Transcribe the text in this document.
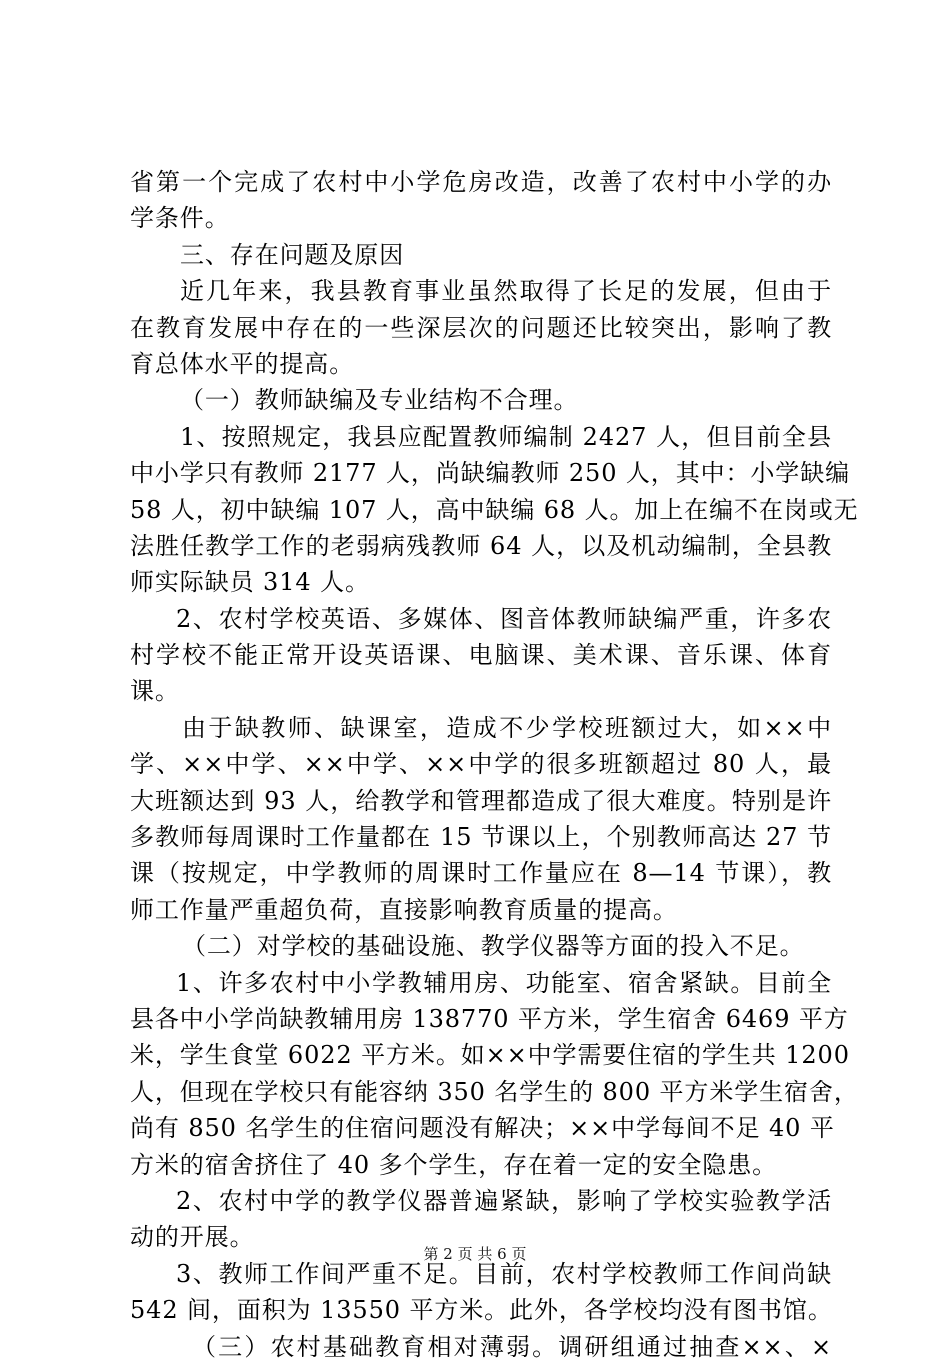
省第一个完成了农村中小学危房改造，改善了农村中小学的办
学条件。
三、存在问题及原因
近几年来，我县教育事业虽然取得了长足的发展，但由于
在教育发展中存在的一些深层次的问题还比较突出，影响了教
育总体水平的提高。
（一）教师缺编及专业结构不合理。
1、按照规定，我县应配置教师编制 2427 人，但目前全县
中小学只有教师 2177 人，尚缺编教师 250 人，其中：小学缺编
58 人，初中缺编 107 人，高中缺编 68 人。加上在编不在岗或无
法胜任教学工作的老弱病残教师 64 人，以及机动编制，全县教
师实际缺员 314 人。
2、农村学校英语、多媒体、图音体教师缺编严重，许多农
村学校不能正常开设英语课、电脑课、美术课、音乐课、体育
课。
由于缺教师、缺课室，造成不少学校班额过大，如××中
学、××中学、××中学、××中学的很多班额超过 80 人，最
大班额达到 93 人，给教学和管理都造成了很大难度。特别是许
多教师每周课时工作量都在 15 节课以上，个别教师高达 27 节
课（按规定，中学教师的周课时工作量应在 8—14 节课），教
师工作量严重超负荷，直接影响教育质量的提高。
（二）对学校的基础设施、教学仪器等方面的投入不足。
1、许多农村中小学教辅用房、功能室、宿舍紧缺。目前全
县各中小学尚缺教辅用房 138770 平方米，学生宿舍 6469 平方
米，学生食堂 6022 平方米。如××中学需要住宿的学生共 1200
人，但现在学校只有能容纳 350 名学生的 800 平方米学生宿舍，
尚有 850 名学生的住宿问题没有解决；××中学每间不足 40 平
方米的宿舍挤住了 40 多个学生，存在着一定的安全隐患。
2、农村中学的教学仪器普遍紧缺，影响了学校实验教学活
动的开展。
3、教师工作间严重不足。目前，农村学校教师工作间尚缺
542 间，面积为 13550 平方米。此外，各学校均没有图书馆。
（三）农村基础教育相对薄弱。调研组通过抽查××、×
第 2 页 共 6 页
